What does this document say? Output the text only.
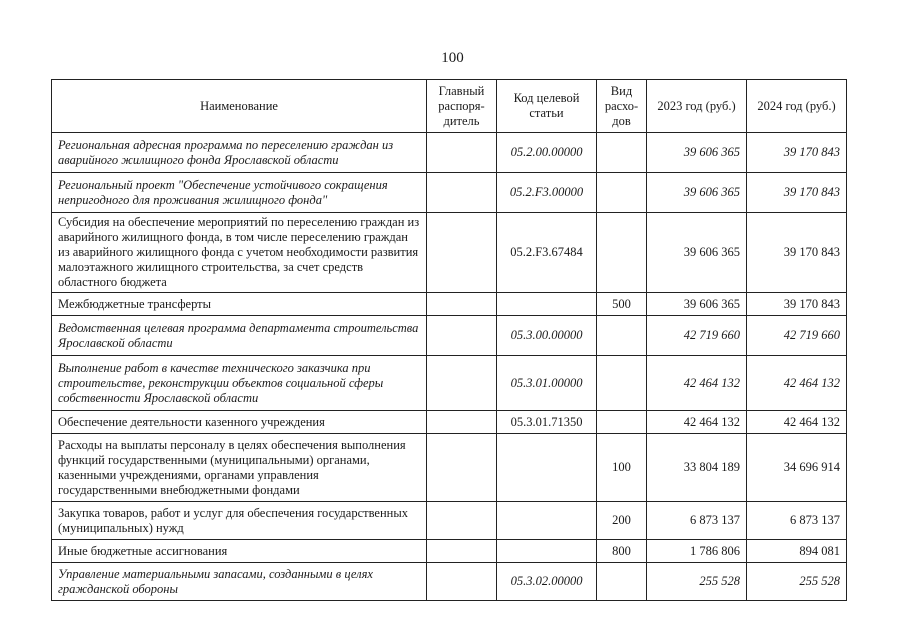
100
Наименование	Главный распоря-дитель	Код целевой статьи	Вид расхо-дов	2023 год (руб.)	2024 год (руб.)
Региональная адресная программа по переселению граждан из аварийного жилищного фонда Ярославской области		05.2.00.00000		39 606 365	39 170 843
Региональный проект "Обеспечение устойчивого сокращения непригодного для проживания жилищного фонда"		05.2.F3.00000		39 606 365	39 170 843
Субсидия на обеспечение мероприятий по переселению граждан из аварийного жилищного фонда, в том числе переселению граждан из аварийного жилищного фонда с учетом необходимости развития малоэтажного жилищного строительства, за счет средств областного бюджета		05.2.F3.67484		39 606 365	39 170 843
Межбюджетные трансферты			500	39 606 365	39 170 843
Ведомственная целевая программа департамента строительства Ярославской области		05.3.00.00000		42 719 660	42 719 660
Выполнение работ в качестве технического заказчика при строительстве, реконструкции объектов социальной сферы собственности Ярославской области		05.3.01.00000		42 464 132	42 464 132
Обеспечение деятельности казенного учреждения		05.3.01.71350		42 464 132	42 464 132
Расходы на выплаты персоналу в целях обеспечения выполнения функций государственными (муниципальными) органами, казенными учреждениями, органами управления государственными внебюджетными фондами			100	33 804 189	34 696 914
Закупка товаров, работ и услуг для обеспечения государственных (муниципальных) нужд			200	6 873 137	6 873 137
Иные бюджетные ассигнования			800	1 786 806	894 081
Управление материальными запасами, созданными в целях гражданской обороны		05.3.02.00000		255 528	255 528
